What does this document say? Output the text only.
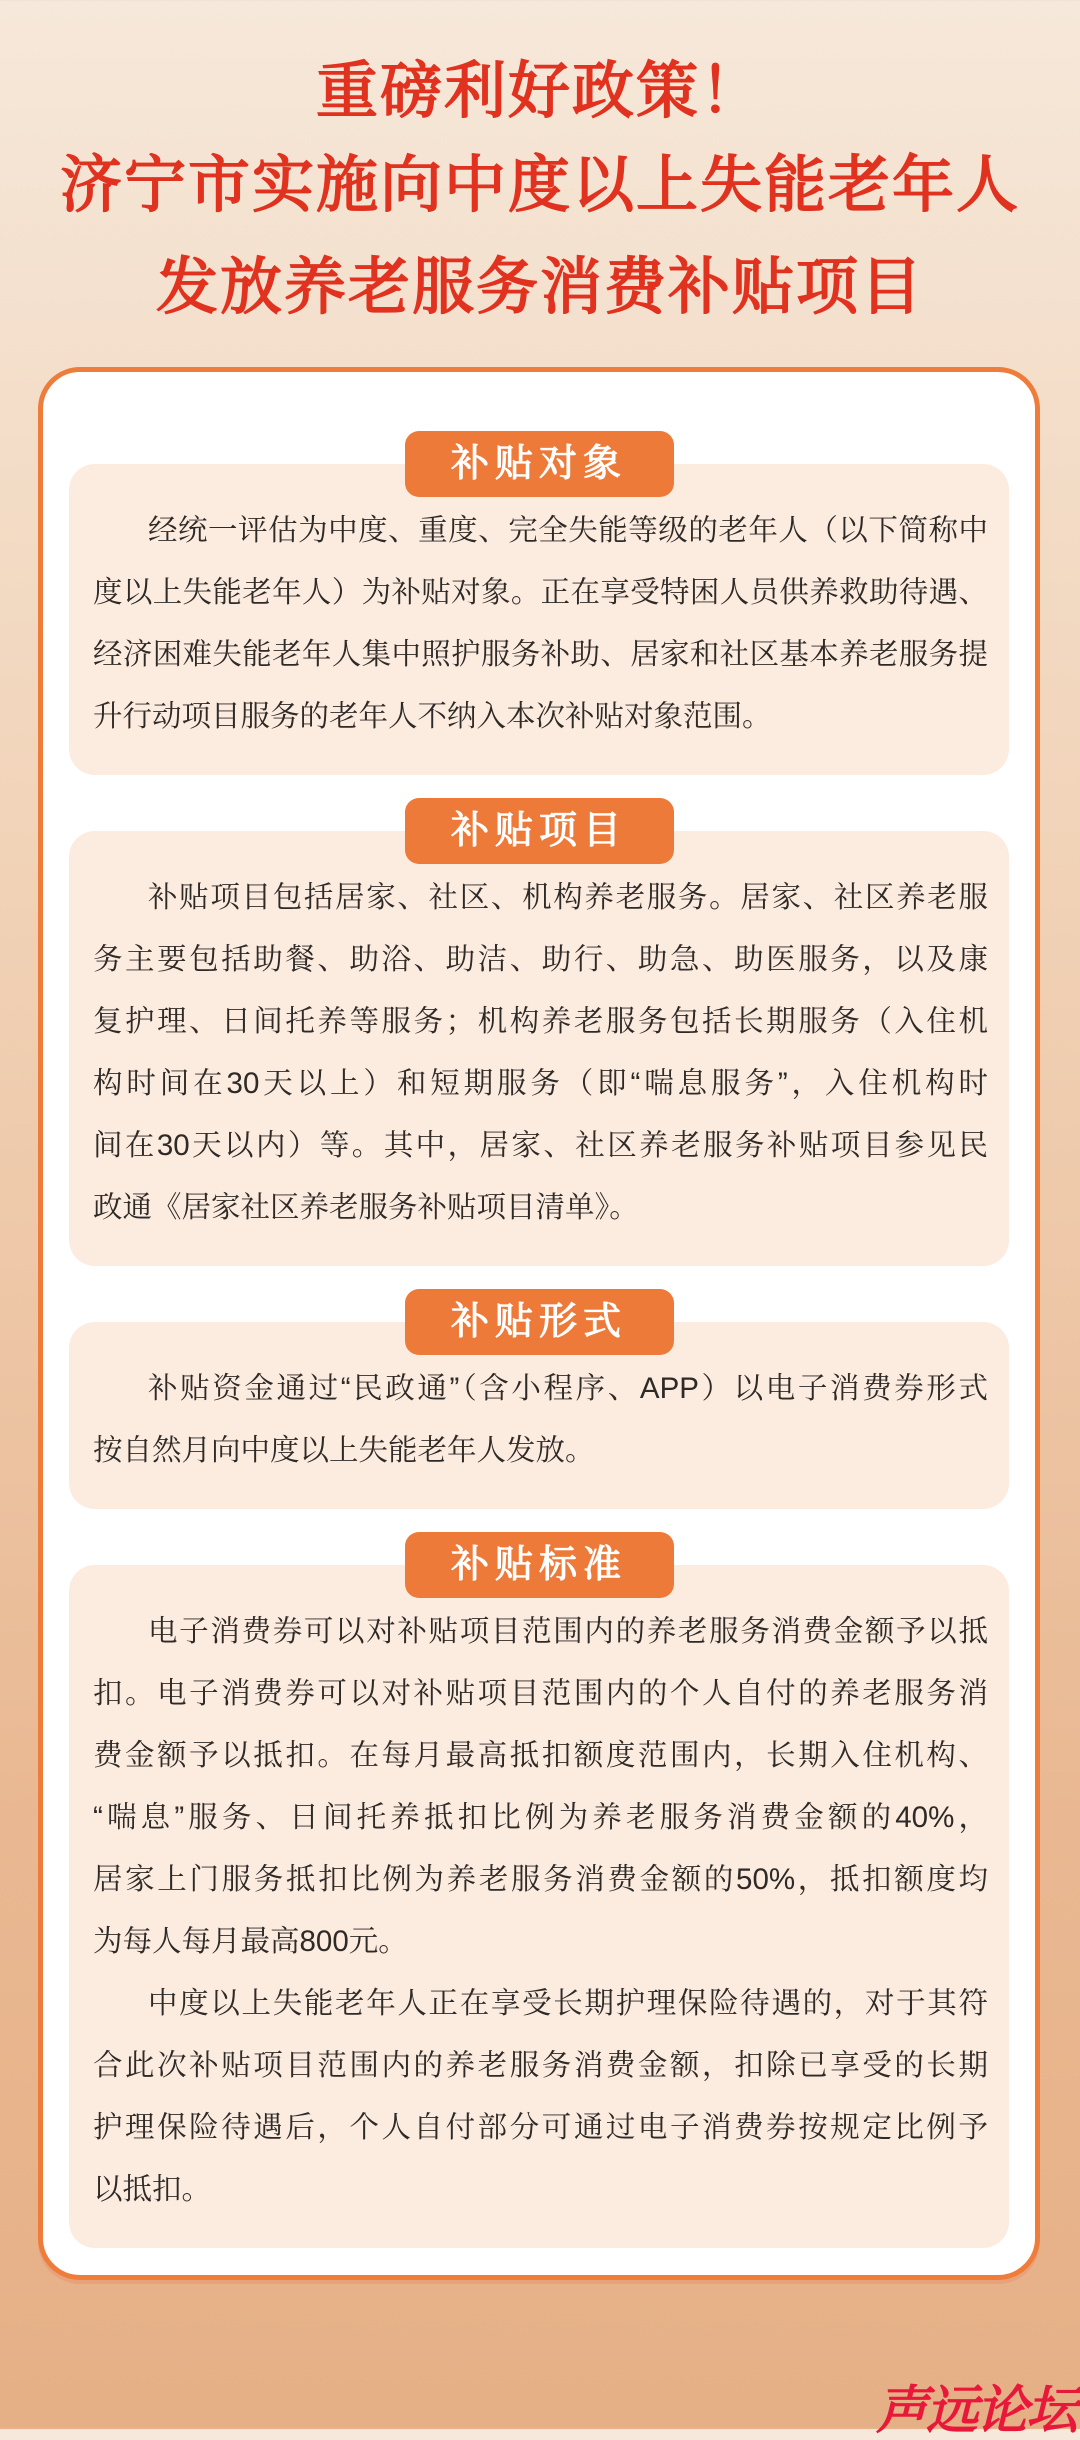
重磅利好政策！
济宁市实施向中度以上失能老年人
发放养老服务消费补贴项目
补贴对象
经统一评估为中度、重度、完全失能等级的老年人（以下简称中
度以上失能老年人）为补贴对象。正在享受特困人员供养救助待遇、
经济困难失能老年人集中照护服务补助、居家和社区基本养老服务提
升行动项目服务的老年人不纳入本次补贴对象范围。
补贴项目
补贴项目包括居家、社区、机构养老服务。居家、社区养老服
务主要包括助餐、助浴、助洁、助行、助急、助医服务，以及康
复护理、日间托养等服务；机构养老服务包括长期服务（入住机
构时间在30天以上）和短期服务（即“喘息服务”，入住机构时
间在30天以内）等。其中，居家、社区养老服务补贴项目参见民
政通《居家社区养老服务补贴项目清单》。
补贴形式
补贴资金通过“民政通”（含小程序、APP）以电子消费券形式
按自然月向中度以上失能老年人发放。
补贴标准
电子消费券可以对补贴项目范围内的养老服务消费金额予以抵
扣。电子消费券可以对补贴项目范围内的个人自付的养老服务消
费金额予以抵扣。在每月最高抵扣额度范围内，长期入住机构、
“喘息”服务、日间托养抵扣比例为养老服务消费金额的40%，
居家上门服务抵扣比例为养老服务消费金额的50%，抵扣额度均
为每人每月最高800元。
中度以上失能老年人正在享受长期护理保险待遇的，对于其符
合此次补贴项目范围内的养老服务消费金额，扣除已享受的长期
护理保险待遇后，个人自付部分可通过电子消费券按规定比例予
以抵扣。
声远论坛
